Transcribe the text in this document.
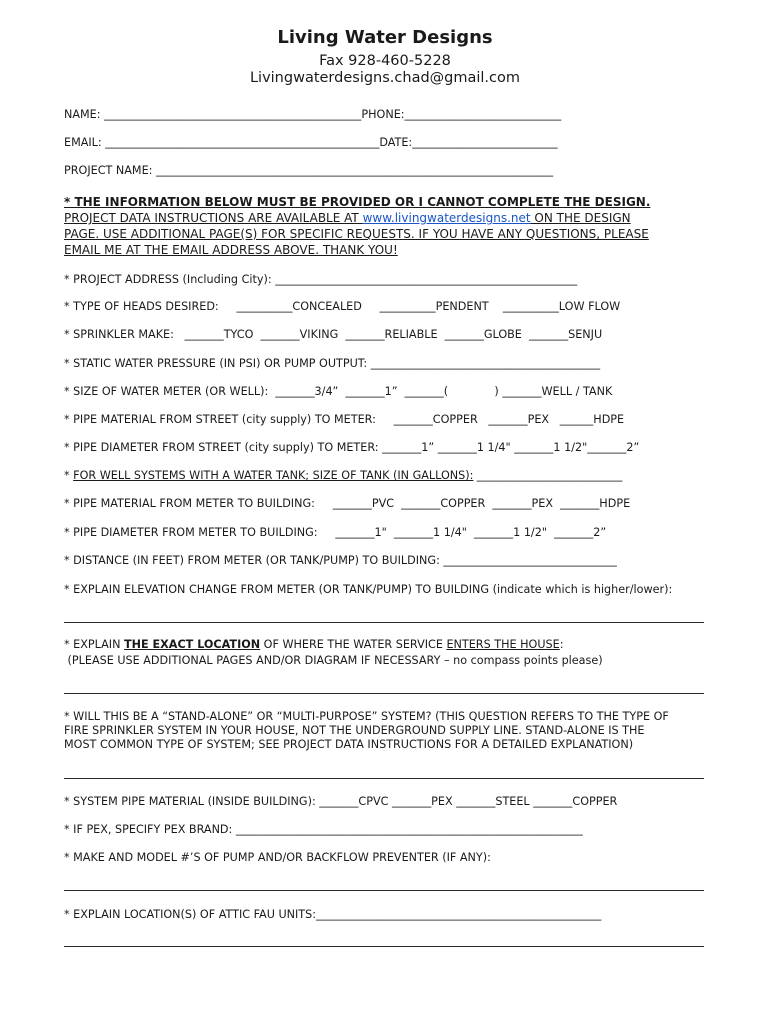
Living Water Designs
Fax 928-460-5228
Livingwaterdesigns.chad@gmail.com
NAME: ______________________________________________PHONE:____________________________
EMAIL: _________________________________________________DATE:__________________________
PROJECT NAME: _______________________________________________________________________
* THE INFORMATION BELOW MUST BE PROVIDED OR I CANNOT COMPLETE THE DESIGN.
PROJECT DATA INSTRUCTIONS ARE AVAILABLE AT www.livingwaterdesigns.net ON THE DESIGN
PAGE. USE ADDITIONAL PAGE(S) FOR SPECIFIC REQUESTS. IF YOU HAVE ANY QUESTIONS, PLEASE
EMAIL ME AT THE EMAIL ADDRESS ABOVE. THANK YOU!
* PROJECT ADDRESS (Including City): ______________________________________________________
* TYPE OF HEADS DESIRED:     __________CONCEALED     __________PENDENT    __________LOW FLOW
* SPRINKLER MAKE:   _______TYCO  _______VIKING  _______RELIABLE  _______GLOBE  _______SENJU
* STATIC WATER PRESSURE (IN PSI) OR PUMP OUTPUT: _________________________________________
* SIZE OF WATER METER (OR WELL):  _______3/4”  _______1”  _______(             ) _______WELL / TANK
* PIPE MATERIAL FROM STREET (city supply) TO METER:     _______COPPER   _______PEX   ______HDPE
* PIPE DIAMETER FROM STREET (city supply) TO METER: _______1” _______1 1/4" _______1 1/2"_______2”
* FOR WELL SYSTEMS WITH A WATER TANK; SIZE OF TANK (IN GALLONS): __________________________
* PIPE MATERIAL FROM METER TO BUILDING:     _______PVC  _______COPPER  _______PEX  _______HDPE
* PIPE DIAMETER FROM METER TO BUILDING:     _______1"  _______1 1/4"  _______1 1/2"  _______2”
* DISTANCE (IN FEET) FROM METER (OR TANK/PUMP) TO BUILDING: _______________________________
* EXPLAIN ELEVATION CHANGE FROM METER (OR TANK/PUMP) TO BUILDING (indicate which is higher/lower):
* EXPLAIN THE EXACT LOCATION OF WHERE THE WATER SERVICE ENTERS THE HOUSE:
(PLEASE USE ADDITIONAL PAGES AND/OR DIAGRAM IF NECESSARY – no compass points please)
* WILL THIS BE A “STAND-ALONE” OR “MULTI-PURPOSE” SYSTEM? (THIS QUESTION REFERS TO THE TYPE OF
FIRE SPRINKLER SYSTEM IN YOUR HOUSE, NOT THE UNDERGROUND SUPPLY LINE. STAND-ALONE IS THE
MOST COMMON TYPE OF SYSTEM; SEE PROJECT DATA INSTRUCTIONS FOR A DETAILED EXPLANATION)
* SYSTEM PIPE MATERIAL (INSIDE BUILDING): _______CPVC _______PEX _______STEEL _______COPPER
* IF PEX, SPECIFY PEX BRAND: ______________________________________________________________
* MAKE AND MODEL #’S OF PUMP AND/OR BACKFLOW PREVENTER (IF ANY):
* EXPLAIN LOCATION(S) OF ATTIC FAU UNITS:___________________________________________________
